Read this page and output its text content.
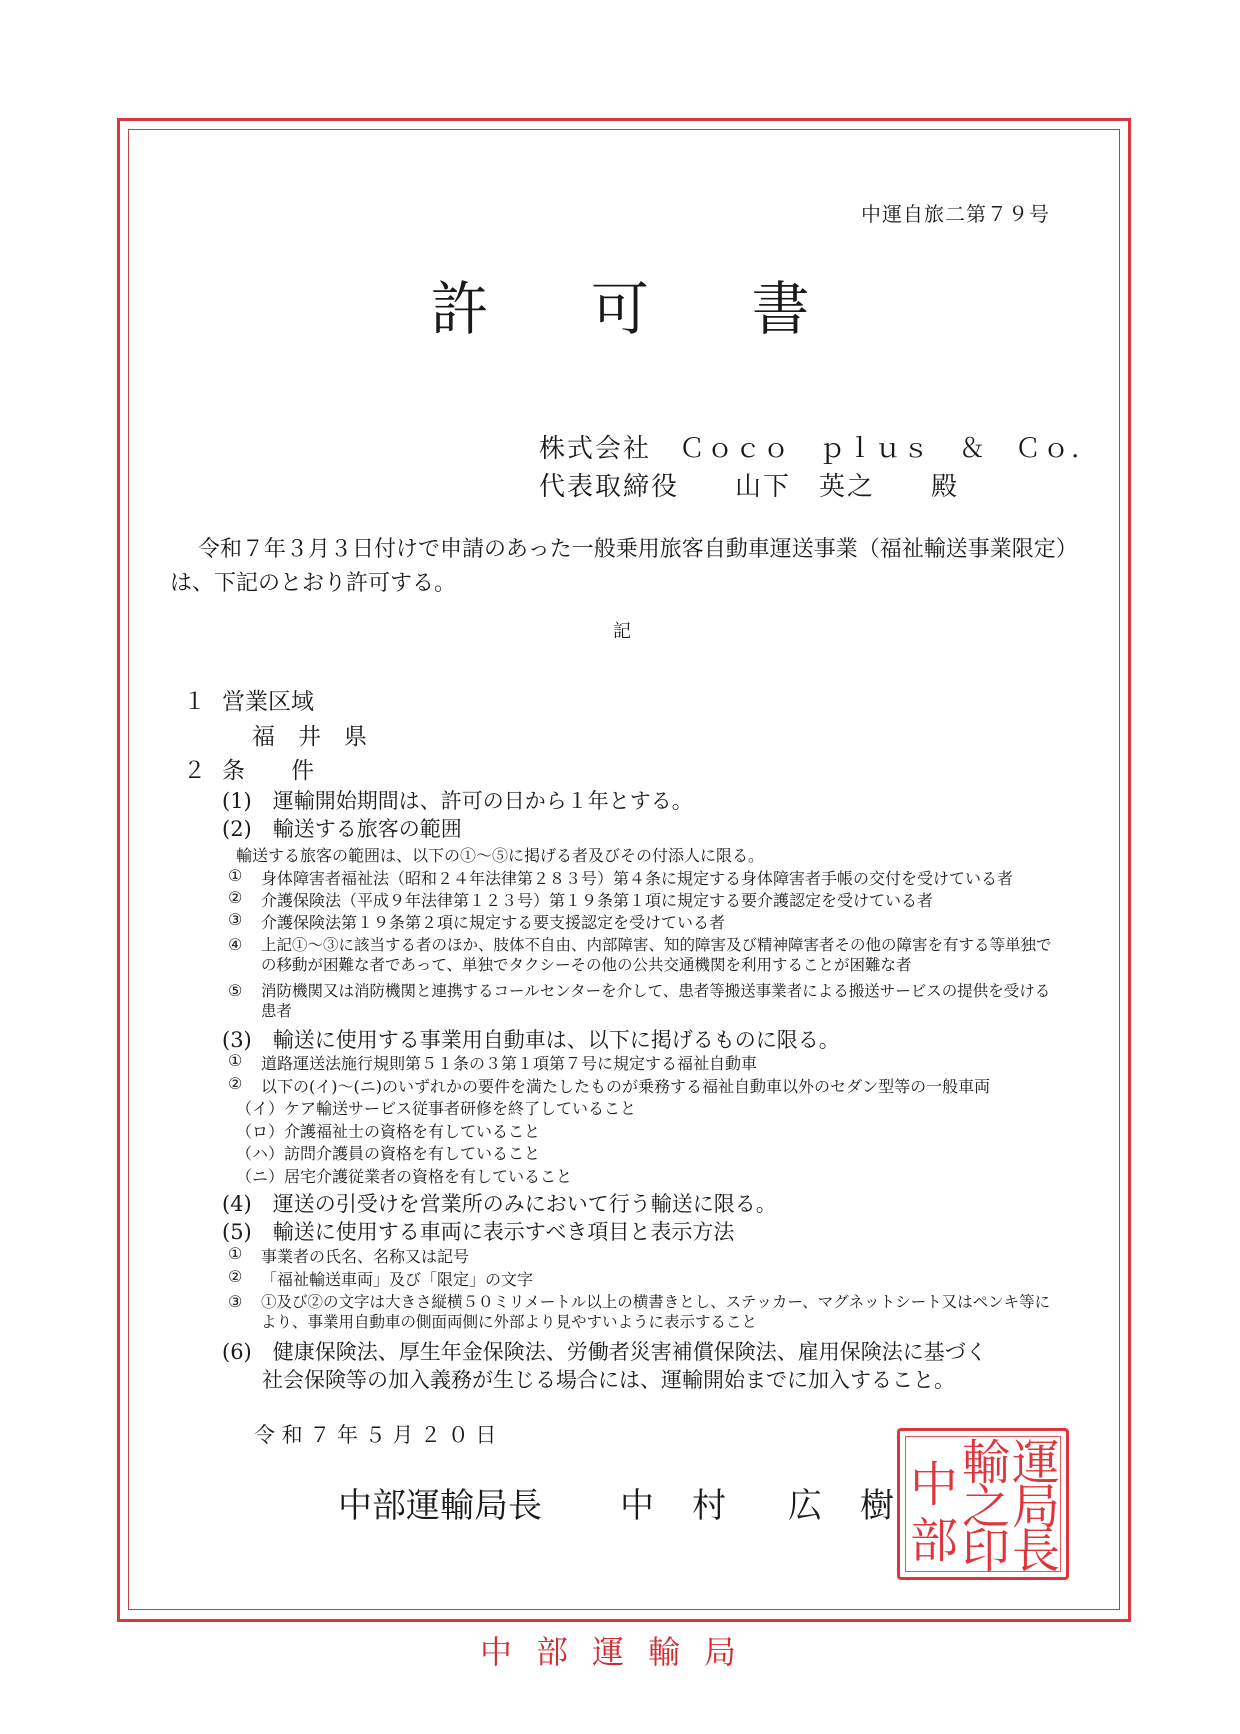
中運自旅二第７９号
許 可 書
株式会社　Ｃｏｃｏ　ｐｌｕｓ　＆　Ｃｏ.
代表取締役　　山下　英之　　殿
令和７年３月３日付けで申請のあった一般乗用旅客自動車運送事業（福祉輸送事業限定）は、下記のとおり許可する。
記
１ 営業区域
福　井　県
２ 条　　件
(1)　運輸開始期間は、許可の日から１年とする。
(2)　輸送する旅客の範囲
輸送する旅客の範囲は、以下の①～⑤に掲げる者及びその付添人に限る。
① 身体障害者福祉法（昭和２４年法律第２８３号）第４条に規定する身体障害者手帳の交付を受けている者
② 介護保険法（平成９年法律第１２３号）第１９条第１項に規定する要介護認定を受けている者
③ 介護保険法第１９条第２項に規定する要支援認定を受けている者
④ 上記①～③に該当する者のほか、肢体不自由、内部障害、知的障害及び精神障害者その他の障害を有する等単独での移動が困難な者であって、単独でタクシーその他の公共交通機関を利用することが困難な者
⑤ 消防機関又は消防機関と連携するコールセンターを介して、患者等搬送事業者による搬送サービスの提供を受ける患者
(3)　輸送に使用する事業用自動車は、以下に掲げるものに限る。
① 道路運送法施行規則第５１条の３第１項第７号に規定する福祉自動車
② 以下の(イ)～(ニ)のいずれかの要件を満たしたものが乗務する福祉自動車以外のセダン型等の一般車両
（イ）ケア輸送サービス従事者研修を終了していること
（ロ）介護福祉士の資格を有していること
（ハ）訪問介護員の資格を有していること
（ニ）居宅介護従業者の資格を有していること
(4)　運送の引受けを営業所のみにおいて行う輸送に限る。
(5)　輸送に使用する車両に表示すべき項目と表示方法
① 事業者の氏名、名称又は記号
② 「福祉輸送車両」及び「限定」の文字
③ ①及び②の文字は大きさ縦横５０ミリメートル以上の横書きとし、ステッカー、マグネットシート又はペンキ等により、事業用自動車の側面両側に外部より見やすいように表示すること
(6)　健康保険法、厚生年金保険法、労働者災害補償保険法、雇用保険法に基づく
社会保険等の加入義務が生じる場合には、運輸開始までに加入すること。
令 和 ７ 年 ５ 月 ２ ０ 日
中部運輸局長 中 村 広 樹
運
局
長
輸
之
印
中
部
中部運輸局
